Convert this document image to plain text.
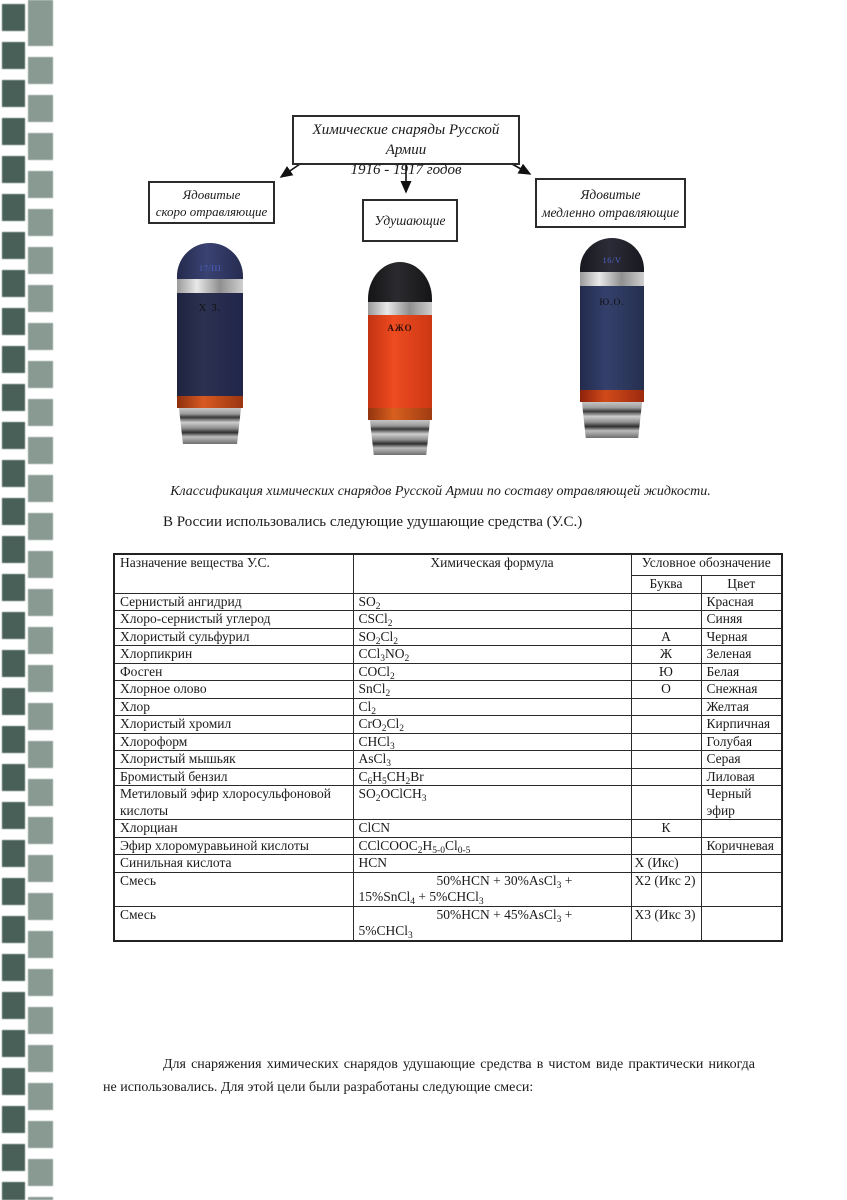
Химические снаряды Русской Армии
1916 - 1917 годов
Ядовитые
скоро отравляющие
Удушающие
Ядовитые
медленно отравляющие
17/III
Х 3.
АЖО
16/V
Ю.О.
Классификация химических снарядов Русской Армии по составу отравляющей жидкости.
В России использовались следующие удушающие средства (У.С.)
Назначение вещества У.С.	Химическая формула	Условное обозначение	
		Буква	Цвет
Сернистый ангидрид	$SO_2$		Красная
Хлоро-сернистый углерод	CSCl$_2$		Синяя
Хлористый сульфурил	$SO_2Cl_2$	А	Черная
Хлорпикрин	$CCl_3NO_2$	Ж	Зеленая
Фосген	COCl$_2$	Ю	Белая
Хлорное олово	SnCl$_2$	О	Снежная
Хлор	$Cl_2$		Желтая
Хлористый хромил	$CrO_2Cl_2$		Кирпичная
Хлороформ	CHCl$_3$		Голубая
Хлористый мышьяк	AsCl$_3$		Серая
Бромистый бензил	$C_6H_5CH_2Br$		Лиловая
Метиловый эфир хлоросульфоновой кислоты	$SO_2OClCH_3$		Черный эфир
Хлорциан	ClCN	К	
Эфир хлоромуравьиной кислоты	$CClCOOC_2H_{5-0}Cl_{0-5}$		Коричневая
Синильная кислота	HCN	Х (Икс)	
Смесь	50%HCN + 30%AsCl$_3$ + 15%SnCl$_4$ + 5%CHCl$_3$	Х2 (Икс 2)	
Смесь	50%HCN + 45%AsCl$_3$ + 5%CHCl$_3$	Х3 (Икс 3)	
Для снаряжения химических снарядов удушающие средства в чистом виде практически никогда не использовались. Для этой цели были разработаны следующие смеси:
